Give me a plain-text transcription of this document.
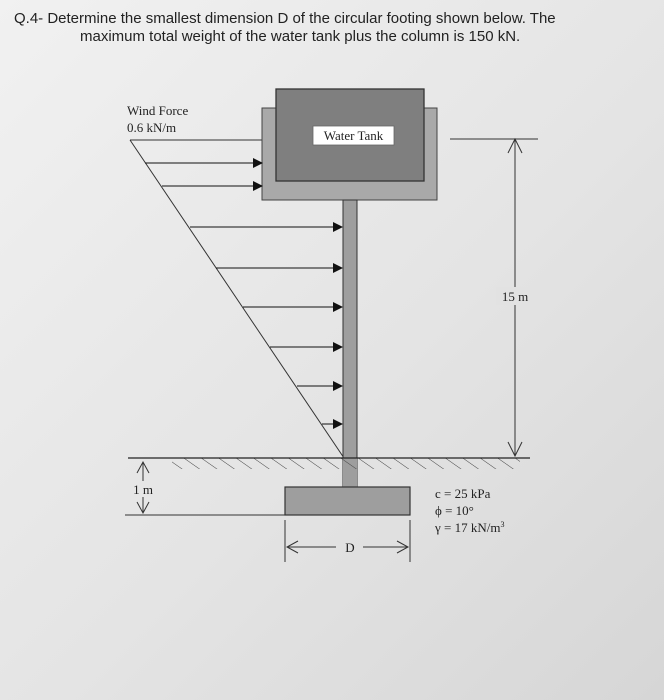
Q.4- Determine the smallest dimension D of the circular footing shown below. The
maximum total weight of the water tank plus the column is 150 kN.
Wind Force
0.6 kN/m
Water Tank
15 m
1 m
D
c = 25 kPa
ϕ = 10°
γ = 17 $kN/m^3$
